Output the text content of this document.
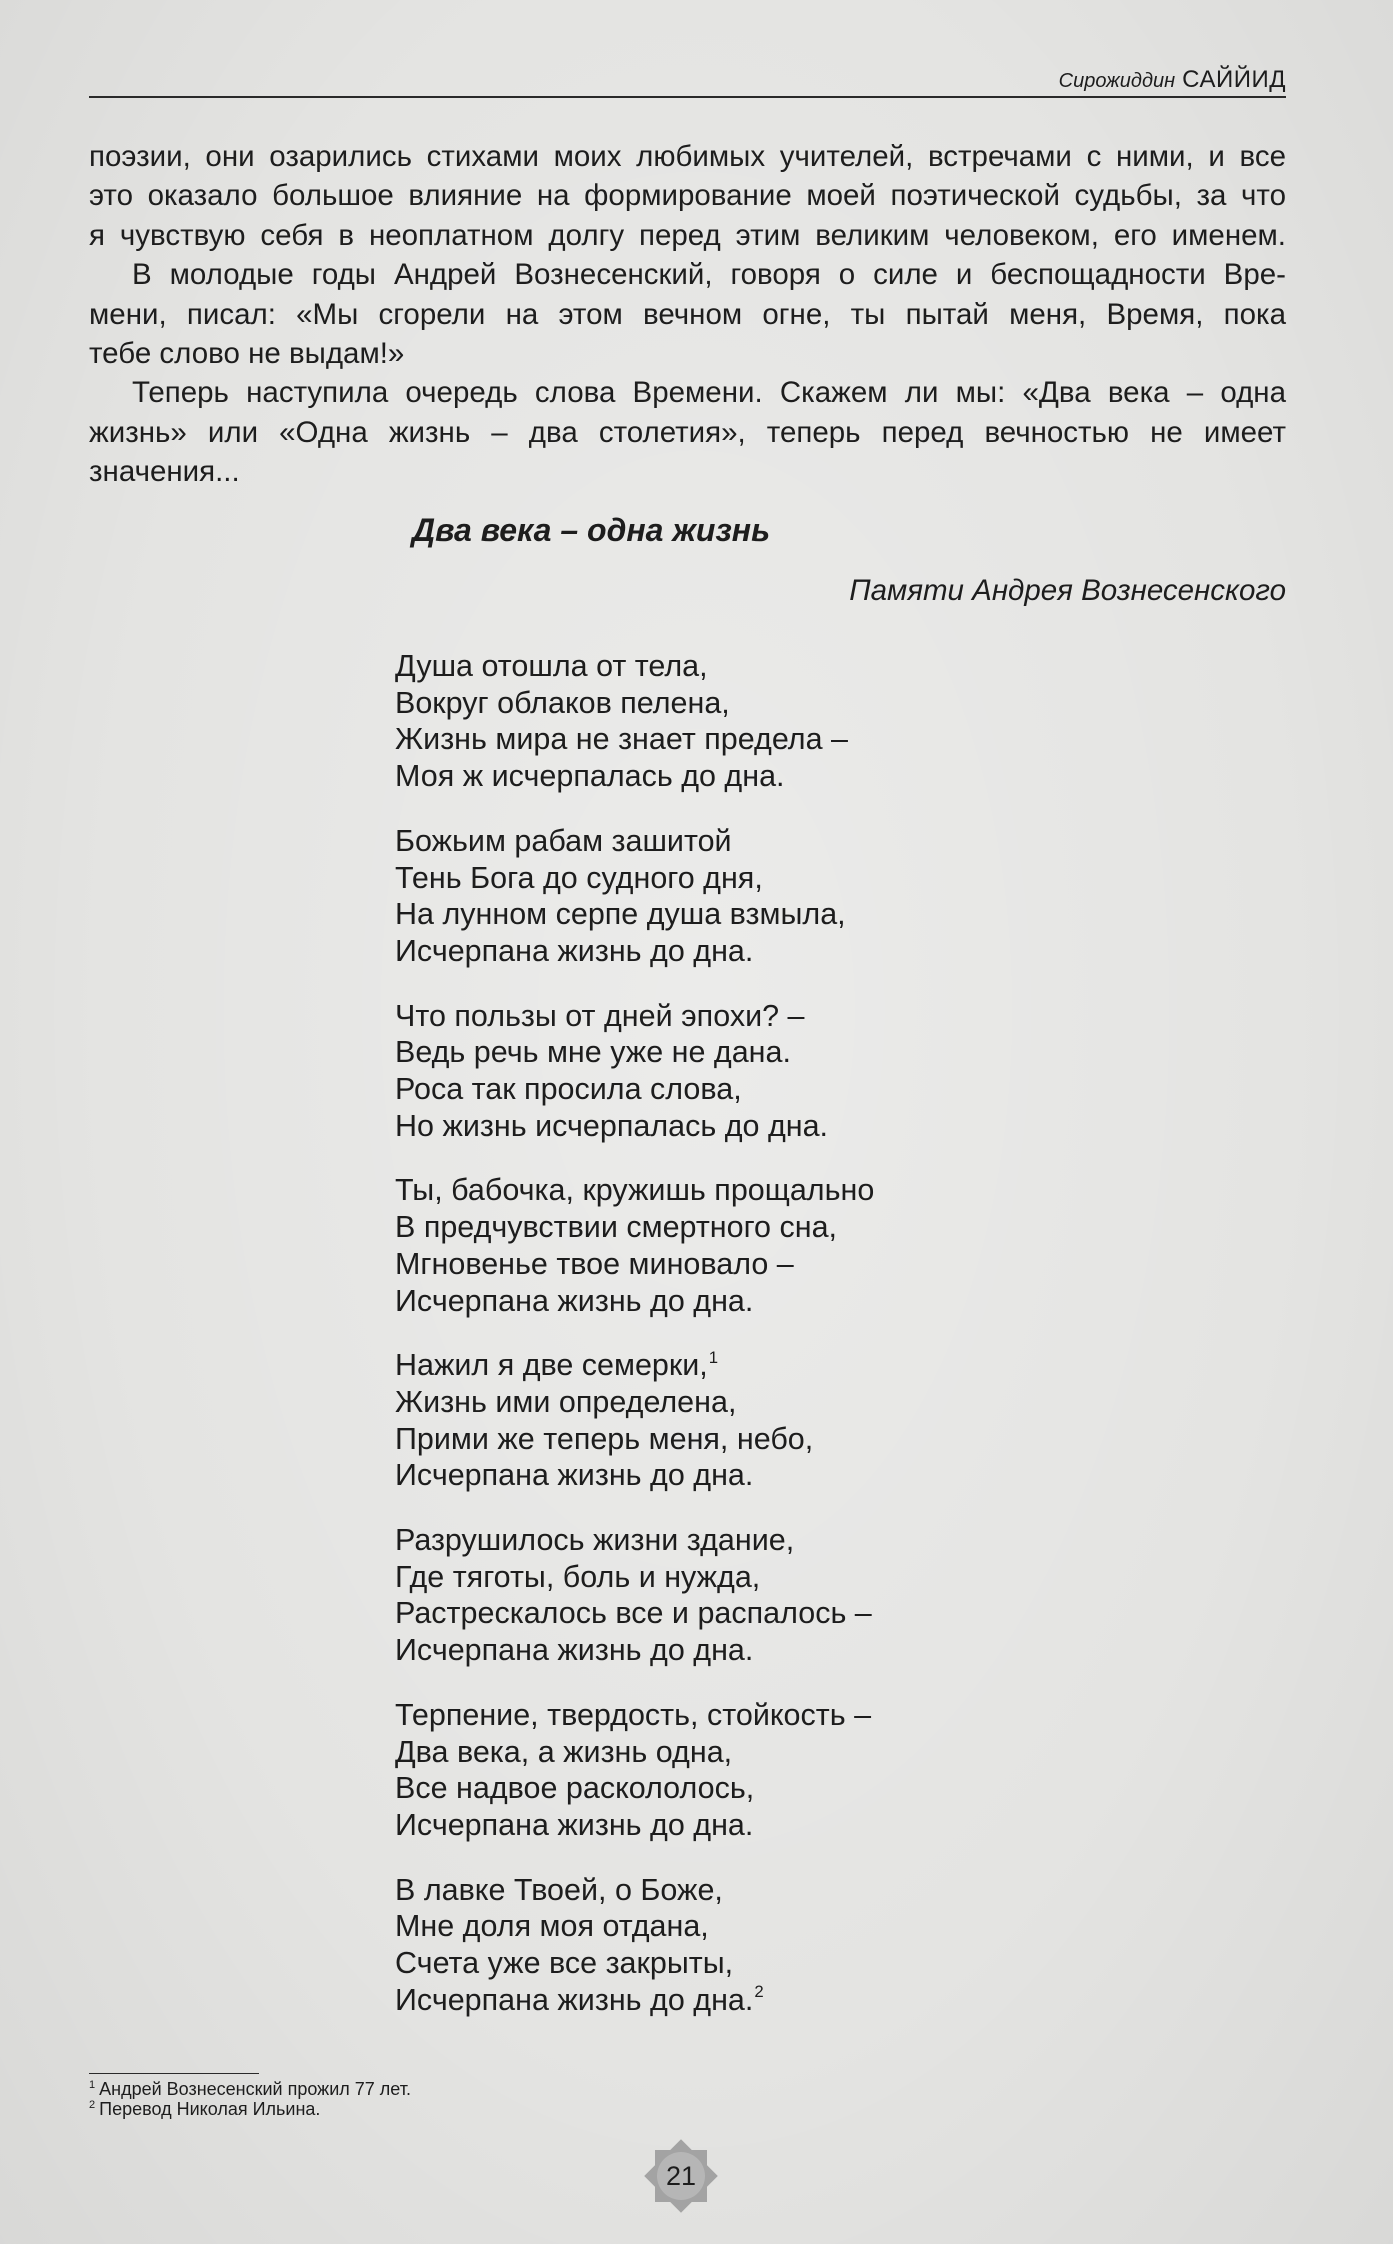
Сирожиддин САЙЙИД
поэзии, они озарились стихами моих любимых учителей, встречами с ними, и все
это оказало большое влияние на формирование моей поэтической судьбы, за что
я чувствую себя в неоплатном долгу перед этим великим человеком, его именем.
В молодые годы Андрей Вознесенский, говоря о силе и беспощадности Вре-
мени, писал: «Мы сгорели на этом вечном огне, ты пытай меня, Время, пока
тебе слово не выдам!»
Теперь наступила очередь слова Времени. Скажем ли мы: «Два века – одна
жизнь» или «Одна жизнь – два столетия», теперь перед вечностью не имеет
значения...
Два века – одна жизнь
Памяти Андрея Вознесенского
Душа отошла от тела,
Вокруг облаков пелена,
Жизнь мира не знает предела –
Моя ж исчерпалась до дна.
Божьим рабам зашитой
Тень Бога до судного дня,
На лунном серпе душа взмыла,
Исчерпана жизнь до дна.
Что пользы от дней эпохи? –
Ведь речь мне уже не дана.
Роса так просила слова,
Но жизнь исчерпалась до дна.
Ты, бабочка, кружишь прощально
В предчувствии смертного сна,
Мгновенье твое миновало –
Исчерпана жизнь до дна.
Нажил я две семерки,$^1$
Жизнь ими определена,
Прими же теперь меня, небо,
Исчерпана жизнь до дна.
Разрушилось жизни здание,
Где тяготы, боль и нужда,
Растрескалось все и распалось –
Исчерпана жизнь до дна.
Терпение, твердость, стойкость –
Два века, а жизнь одна,
Все надвое раскололось,
Исчерпана жизнь до дна.
В лавке Твоей, о Боже,
Мне доля моя отдана,
Счета уже все закрыты,
Исчерпана жизнь до дна.$^2$
$^1$ Андрей Вознесенский прожил 77 лет.
$^2$ Перевод Николая Ильина.
21
